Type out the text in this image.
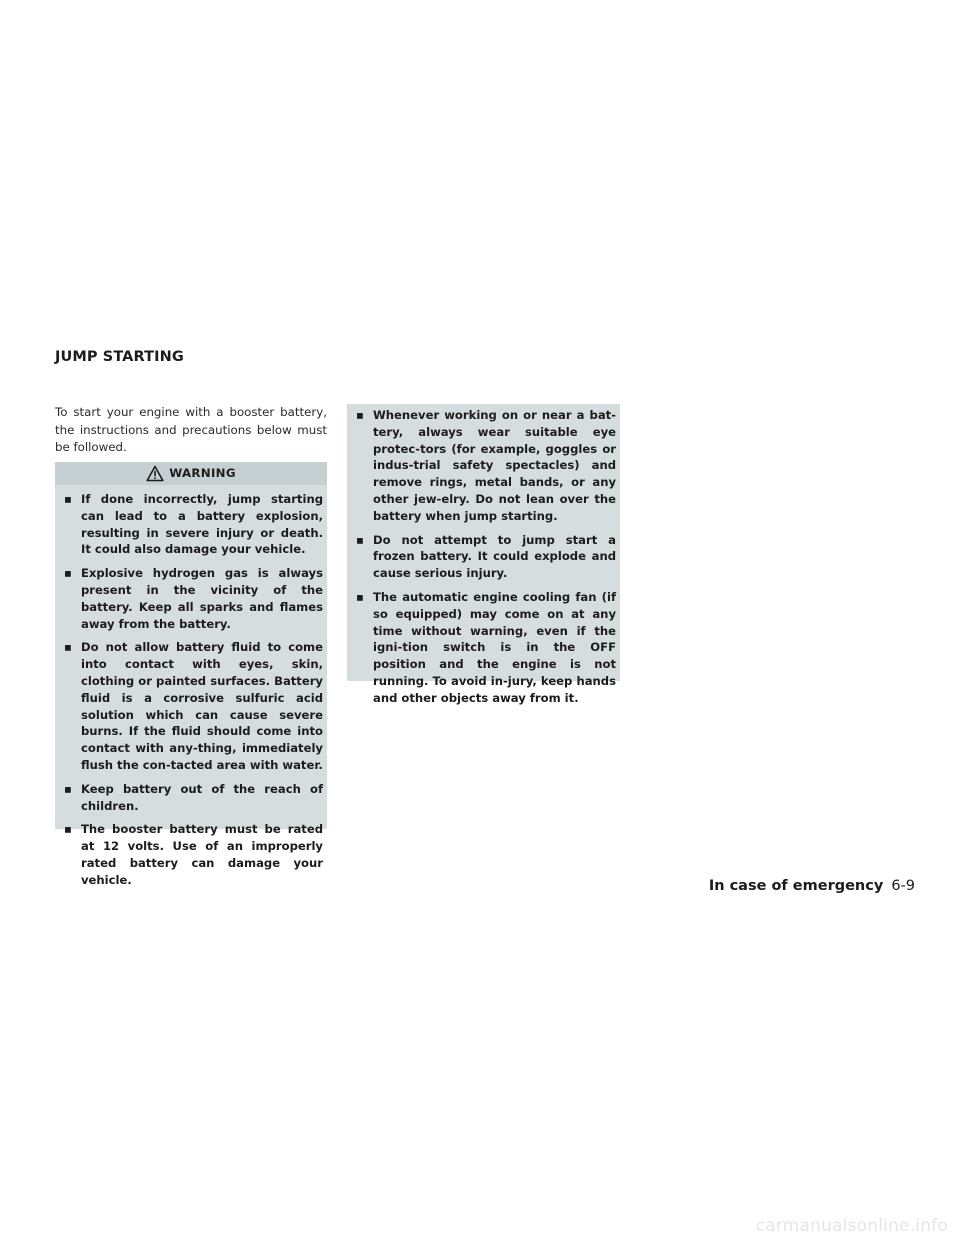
JUMP STARTING

To start your engine with a booster battery, the instructions and precautions below must be followed.

WARNING
▪ If done incorrectly, jump starting can lead to a battery explosion, resulting in severe injury or death. It could also damage your vehicle.
▪ Explosive hydrogen gas is always present in the vicinity of the battery. Keep all sparks and flames away from the battery.
▪ Do not allow battery fluid to come into contact with eyes, skin, clothing or painted surfaces. Battery fluid is a corrosive sulfuric acid solution which can cause severe burns. If the fluid should come into contact with any-thing, immediately flush the con-tacted area with water.
▪ Keep battery out of the reach of children.
▪ The booster battery must be rated at 12 volts. Use of an improperly rated battery can damage your vehicle.
▪ Whenever working on or near a bat-tery, always wear suitable eye protec-tors (for example, goggles or indus-trial safety spectacles) and remove rings, metal bands, or any other jew-elry. Do not lean over the battery when jump starting.
▪ Do not attempt to jump start a frozen battery. It could explode and cause serious injury.
▪ The automatic engine cooling fan (if so equipped) may come on at any time without warning, even if the igni-tion switch is in the OFF position and the engine is not running. To avoid in-jury, keep hands and other objects away from it.
In case of emergency 6-9
carmanualsonline.info
